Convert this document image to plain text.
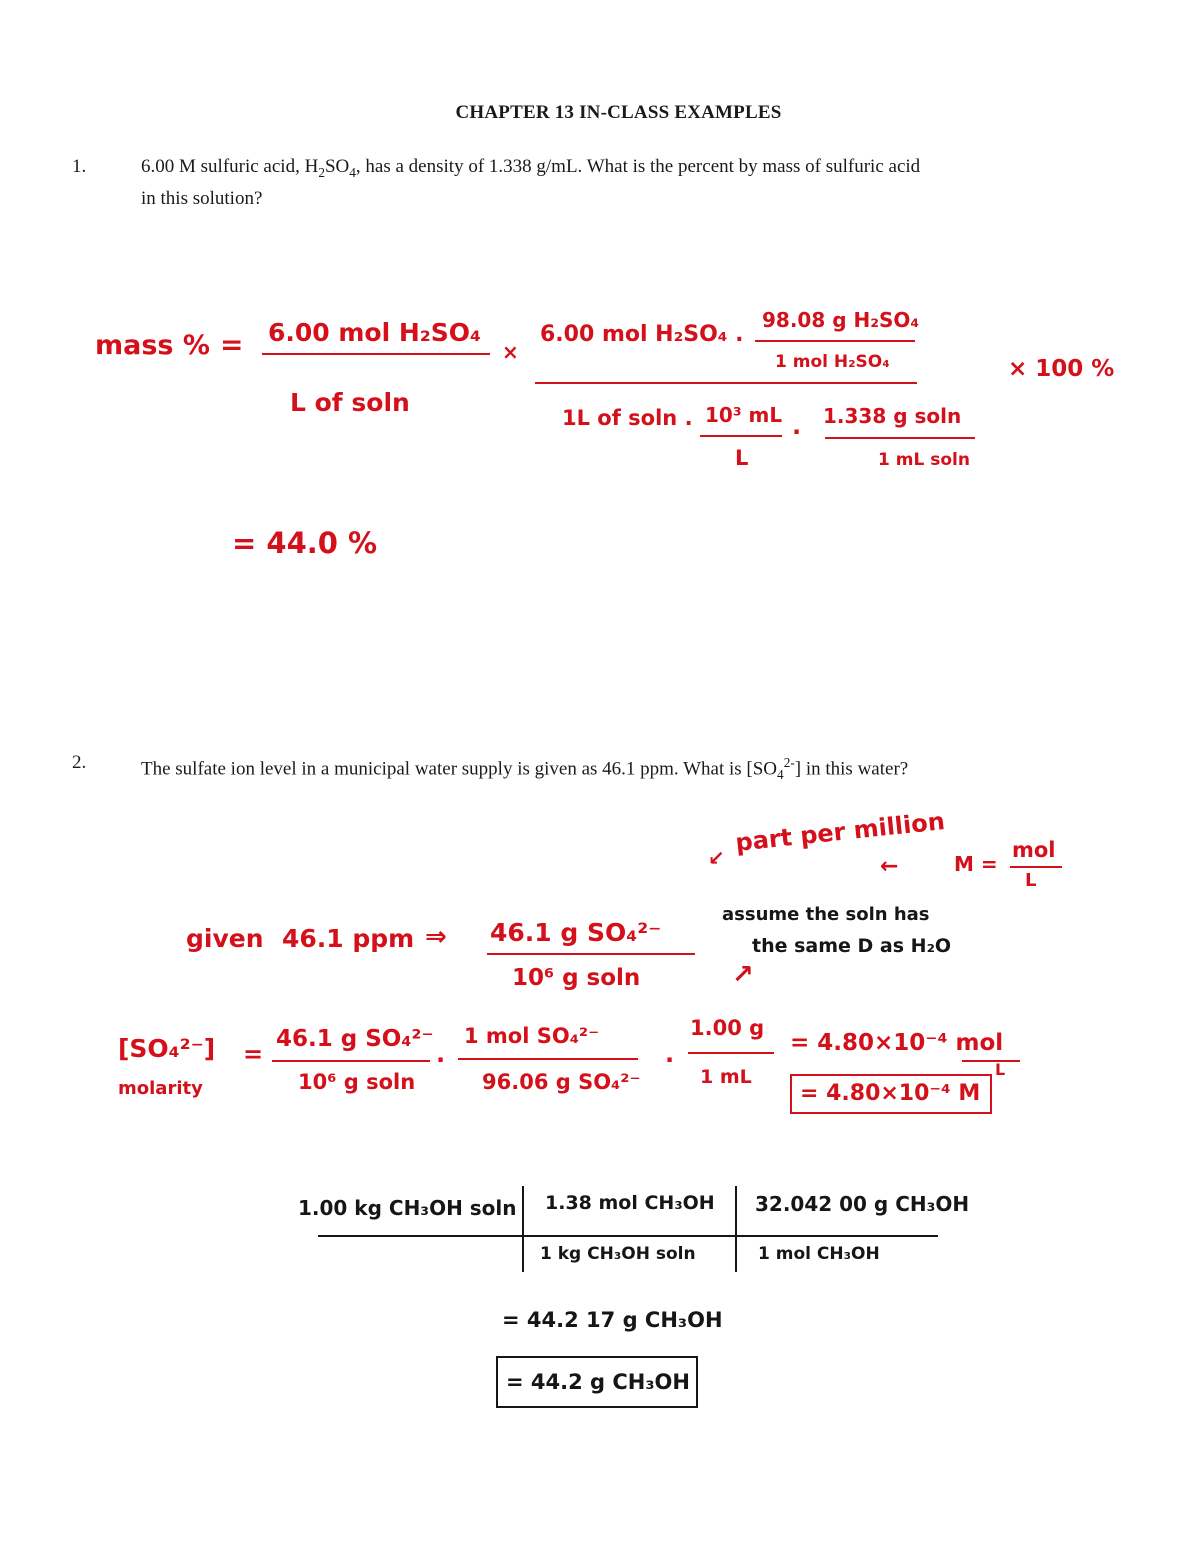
CHAPTER 13 IN-CLASS EXAMPLES
1.	6.00 M sulfuric acid, $H_2SO_4$, has a density of 1.338 g/mL. What is the percent by mass of sulfuric acid
in this solution?
2.	The sulfate ion level in a municipal water supply is given as 46.1 ppm. What is $[SO_4^{2-}]$ in this water?
mass % = 6.00 mol H₂SO₄
L of soln
×
6.00 mol H₂SO₄ .
98.08 g H₂SO₄
1 mol H₂SO₄
1L of soln . 10³ mL
L
. 1.338 g soln
1 mL soln
× 100 %
= 44.0 %
part per million
↙	←	M =
mol
L
given 46.1 ppm ⇒ 46.1 g SO₄²⁻
10⁶ g soln
assume the soln has
the same D as H₂O
↗
[SO₄²⁻]
molarity
=
46.1 g SO₄²⁻
10⁶ g soln
.
1 mol SO₄²⁻
96.06 g SO₄²⁻
.
1.00 g
1 mL
= 4.80×10⁻⁴ mol
L
= 4.80×10⁻⁴ M
1.00 kg CH₃OH soln 1.38 mol CH₃OH
1 kg CH₃OH soln
32.042 00 g CH₃OH
1 mol CH₃OH
= 44.2 17 g CH₃OH
= 44.2 g CH₃OH
